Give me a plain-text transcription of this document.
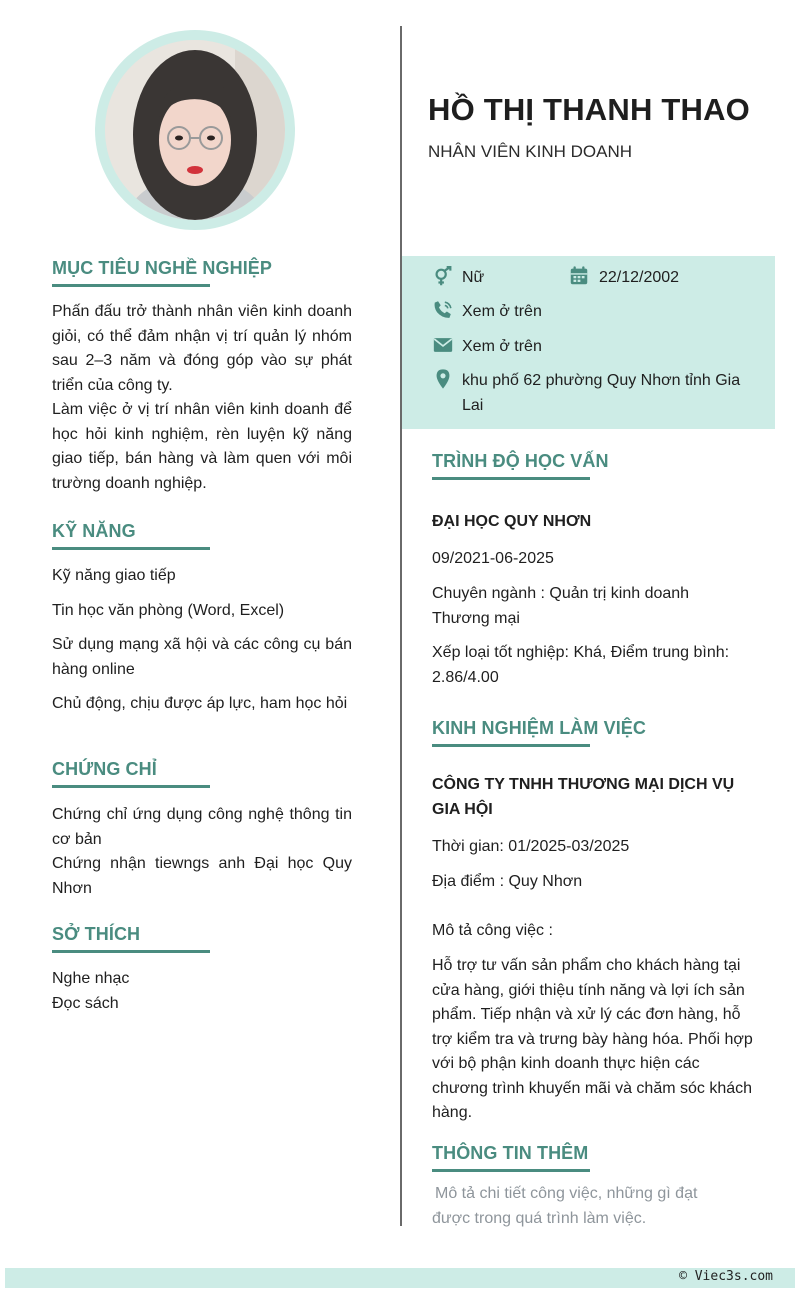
MỤC TIÊU NGHỀ NGHIỆP
Phấn đấu trở thành nhân viên kinh doanh giỏi, có thể đảm nhận vị trí quản lý nhóm sau 2–3 năm và đóng góp vào sự phát triển của công ty.
Làm việc ở vị trí nhân viên kinh doanh để học hỏi kinh nghiệm, rèn luyện kỹ năng giao tiếp, bán hàng và làm quen với môi trường doanh nghiệp.
KỸ NĂNG
Kỹ năng giao tiếp
Tin học văn phòng (Word, Excel)
Sử dụng mạng xã hội và các công cụ bán hàng online
Chủ động, chịu được áp lực, ham học hỏi
CHỨNG CHỈ
Chứng chỉ ứng dụng công nghệ thông tin cơ bản
Chứng nhận tiewngs anh Đại học Quy Nhơn
SỞ THÍCH
Nghe nhạc
Đọc sách
HỒ THỊ THANH THAO
NHÂN VIÊN KINH DOANH
Nữ	22/12/2002
Xem ở trên
Xem ở trên
khu phố 62 phường Quy Nhơn tỉnh Gia Lai
TRÌNH ĐỘ HỌC VẤN
ĐẠI HỌC QUY NHƠN
09/2021-06-2025
Chuyên ngành : Quản trị kinh doanh Thương mại
Xếp loại tốt nghiệp: Khá, Điểm trung bình: 2.86/4.00
KINH NGHIỆM LÀM VIỆC
CÔNG TY TNHH THƯƠNG MẠI DỊCH VỤ GIA HỘI
Thời gian: 01/2025-03/2025
Địa điểm : Quy Nhơn
Mô tả công việc :
Hỗ trợ tư vấn sản phẩm cho khách hàng tại cửa hàng, giới thiệu tính năng và lợi ích sản phẩm. Tiếp nhận và xử lý các đơn hàng, hỗ trợ kiểm tra và trưng bày hàng hóa. Phối hợp với bộ phận kinh doanh thực hiện các chương trình khuyến mãi và chăm sóc khách hàng.
THÔNG TIN THÊM
Mô tả chi tiết công việc, những gì đạt được trong quá trình làm việc.
© Viec3s.com
